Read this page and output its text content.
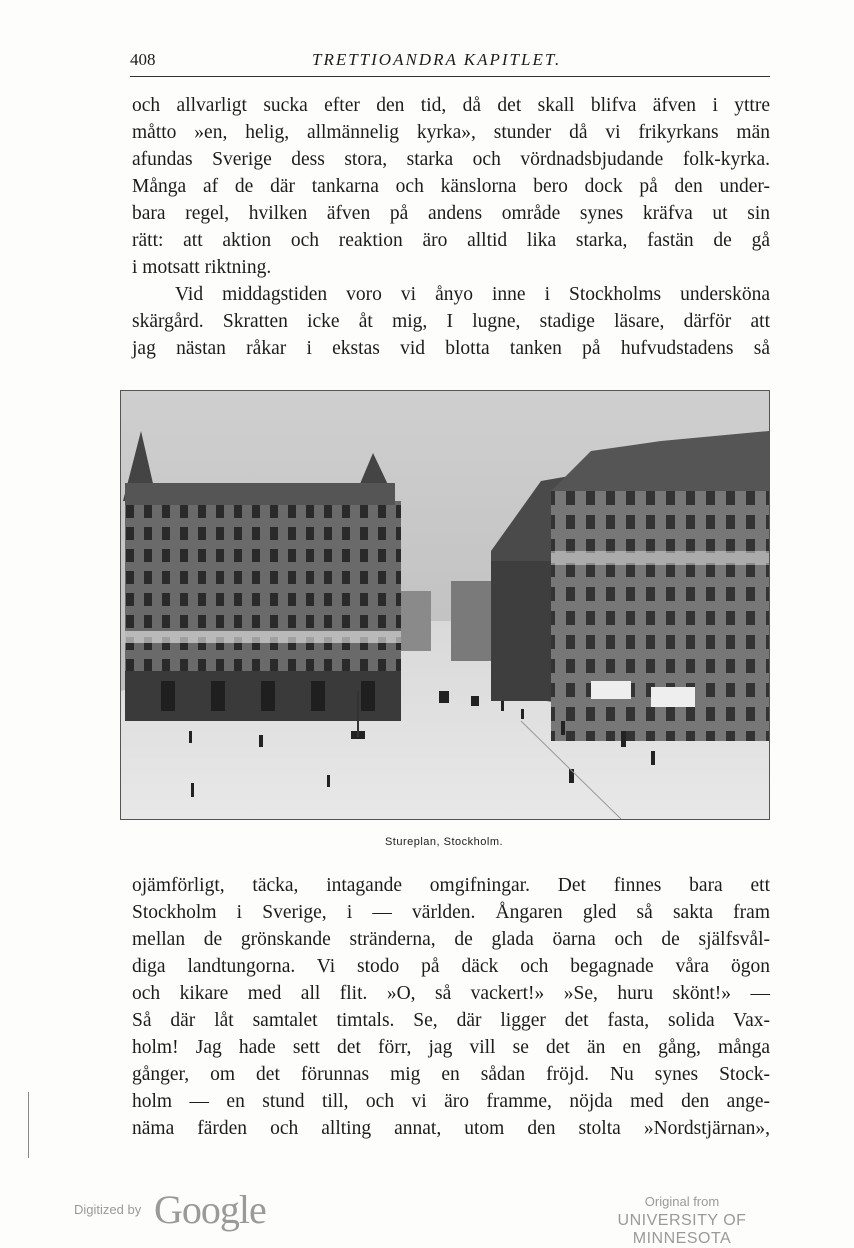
408	TRETTIOANDRA KAPITLET.
och allvarligt sucka efter den tid, då det skall blifva äfven i yttre
måtto »en, helig, allmännelig kyrka», stunder då vi frikyrkans män
afundas Sverige dess stora, starka och vördnadsbjudande folk-kyrka.
Många af de där tankarna och känslorna bero dock på den under-
bara regel, hvilken äfven på andens område synes kräfva ut sin
rätt: att aktion och reaktion äro alltid lika starka, fastän de gå
i motsatt riktning.
Vid middagstiden voro vi ånyo inne i Stockholms undersköna
skärgård. Skratten icke åt mig, I lugne, stadige läsare, därför att
jag nästan råkar i ekstas vid blotta tanken på hufvudstadens så
Stureplan, Stockholm.
ojämförligt, täcka, intagande omgifningar. Det finnes bara ett
Stockholm i Sverige, i — världen. Ångaren gled så sakta fram
mellan de grönskande stränderna, de glada öarna och de själfsvål-
diga landtungorna. Vi stodo på däck och begagnade våra ögon
och kikare med all flit. »O, så vackert!» »Se, huru skönt!» —
Så där låt samtalet timtals. Se, där ligger det fasta, solida Vax-
holm! Jag hade sett det förr, jag vill se det än en gång, många
gånger, om det förunnas mig en sådan fröjd. Nu synes Stock-
holm — en stund till, och vi äro framme, nöjda med den ange-
näma färden och allting annat, utom den stolta »Nordstjärnan»,
Digitized by Google	Original from
UNIVERSITY OF MINNESOTA
